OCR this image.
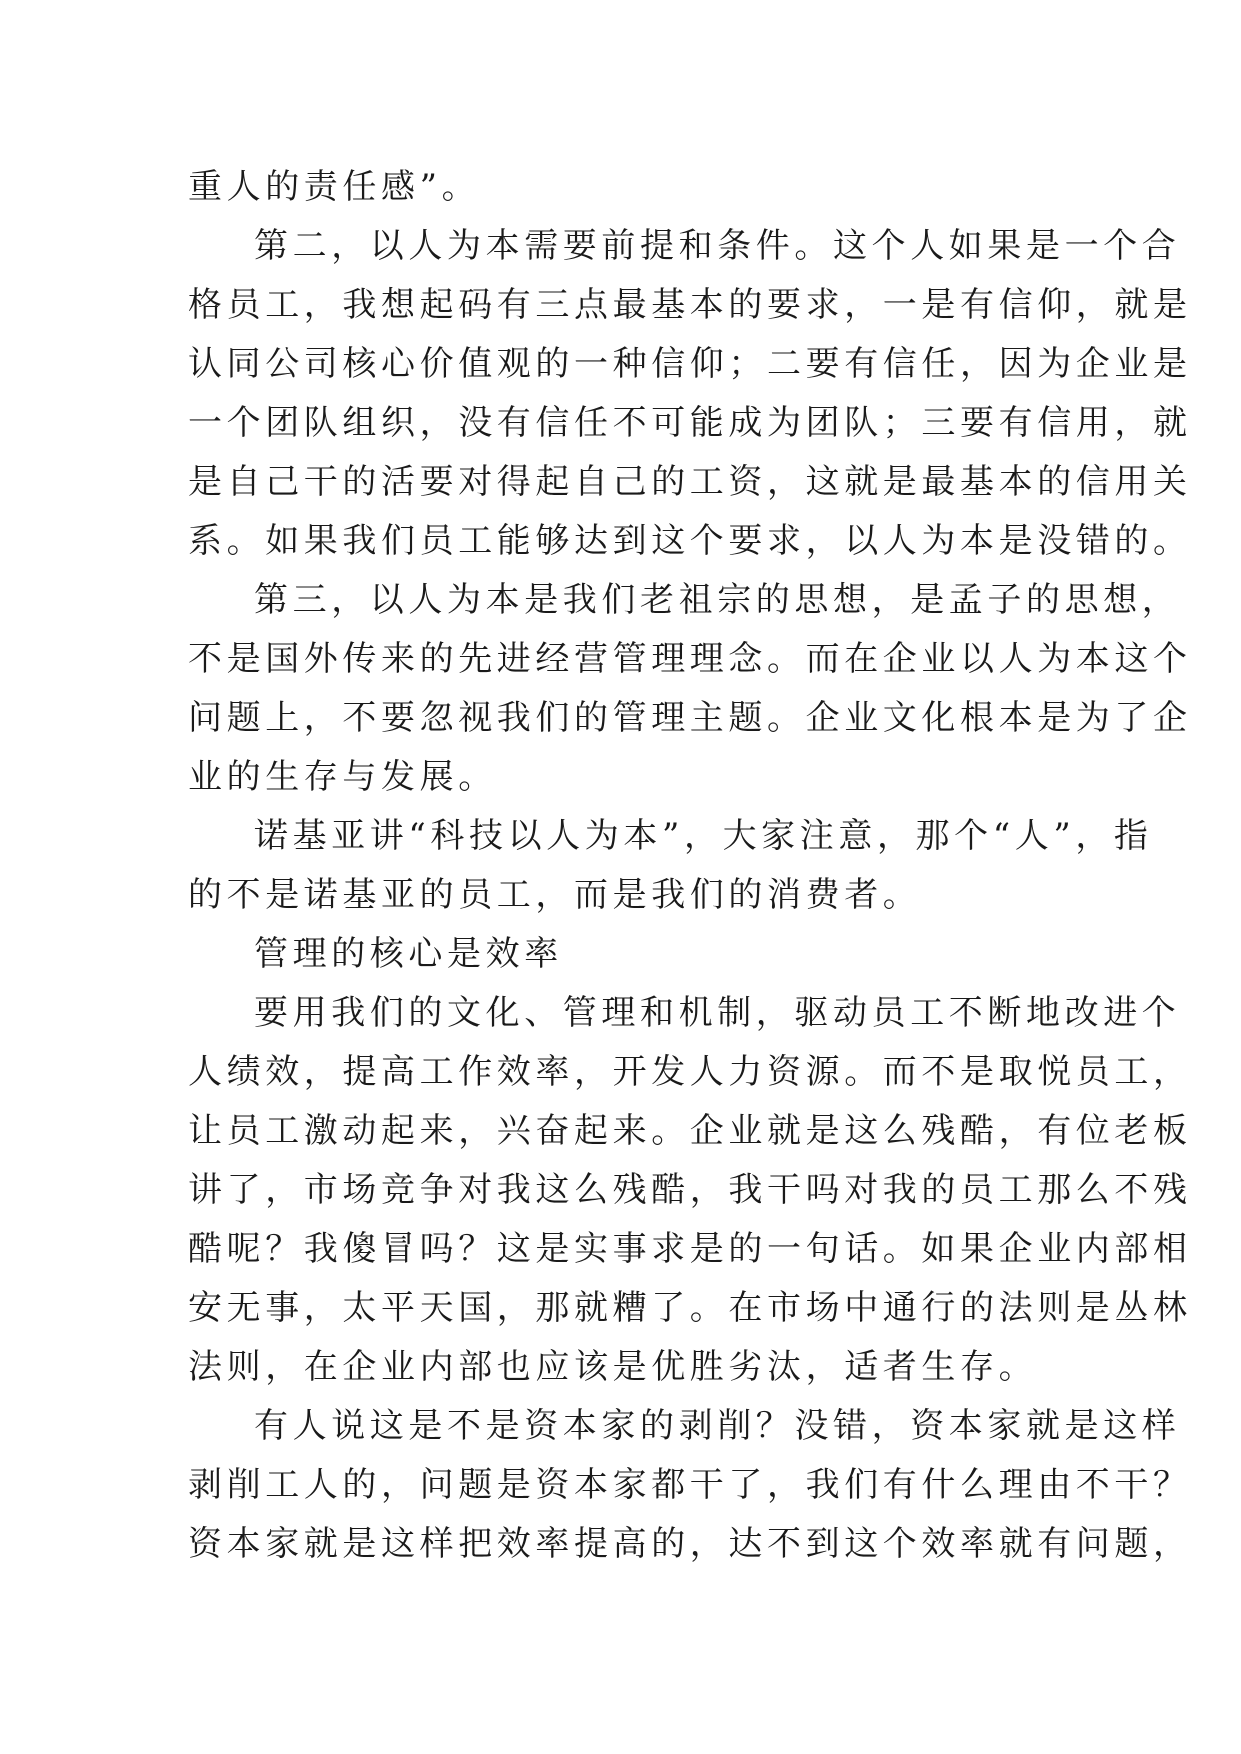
重人的责任感”。
第二，以人为本需要前提和条件。这个人如果是一个合
格员工，我想起码有三点最基本的要求，一是有信仰，就是
认同公司核心价值观的一种信仰；二要有信任，因为企业是
一个团队组织，没有信任不可能成为团队；三要有信用，就
是自己干的活要对得起自己的工资，这就是最基本的信用关
系。如果我们员工能够达到这个要求，以人为本是没错的。
第三，以人为本是我们老祖宗的思想，是孟子的思想，
不是国外传来的先进经营管理理念。而在企业以人为本这个
问题上，不要忽视我们的管理主题。企业文化根本是为了企
业的生存与发展。
诺基亚讲“科技以人为本”，大家注意，那个“人”，指
的不是诺基亚的员工，而是我们的消费者。
管理的核心是效率
要用我们的文化、管理和机制，驱动员工不断地改进个
人绩效，提高工作效率，开发人力资源。而不是取悦员工，
让员工激动起来，兴奋起来。企业就是这么残酷，有位老板
讲了，市场竞争对我这么残酷，我干吗对我的员工那么不残
酷呢？我傻冒吗？这是实事求是的一句话。如果企业内部相
安无事，太平天国，那就糟了。在市场中通行的法则是丛林
法则，在企业内部也应该是优胜劣汰，适者生存。
有人说这是不是资本家的剥削？没错，资本家就是这样
剥削工人的，问题是资本家都干了，我们有什么理由不干？
资本家就是这样把效率提高的，达不到这个效率就有问题，
